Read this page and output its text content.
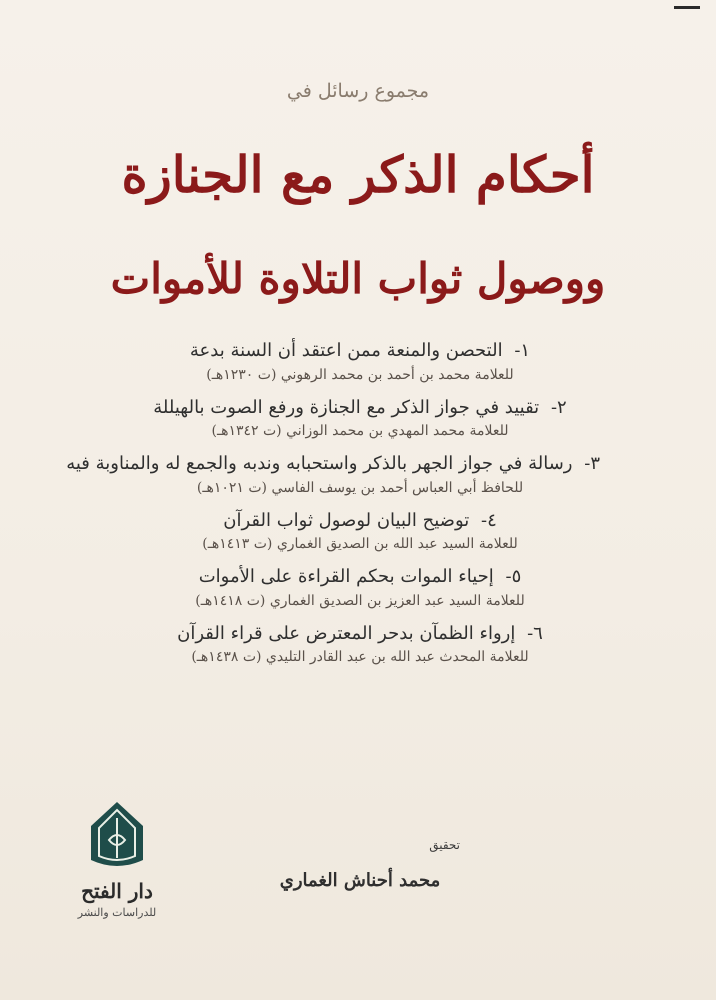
مجموع رسائل في
أحكام الذكر مع الجنازة
ووصول ثواب التلاوة للأموات
١- التحصن والمنعة ممن اعتقد أن السنة بدعة
للعلامة محمد بن أحمد بن محمد الرهوني (ت ١٢٣٠هـ)
٢- تقييد في جواز الذكر مع الجنازة ورفع الصوت بالهيللة
للعلامة محمد المهدي بن محمد الوزاني (ت ١٣٤٢هـ)
٣- رسالة في جواز الجهر بالذكر واستحبابه وندبه والجمع له والمناوبة فيه
للحافظ أبي العباس أحمد بن يوسف الفاسي (ت ١٠٢١هـ)
٤- توضيح البيان لوصول ثواب القرآن
للعلامة السيد عبد الله بن الصديق الغماري (ت ١٤١٣هـ)
٥- إحياء الموات بحكم القراءة على الأموات
للعلامة السيد عبد العزيز بن الصديق الغماري (ت ١٤١٨هـ)
٦- إرواء الظمآن بدحر المعترض على قراء القرآن
للعلامة المحدث عبد الله بن عبد القادر التليدي (ت ١٤٣٨هـ)
تحقيق
محمد أحناش الغماري
دار الفتح
للدراسات والنشر
